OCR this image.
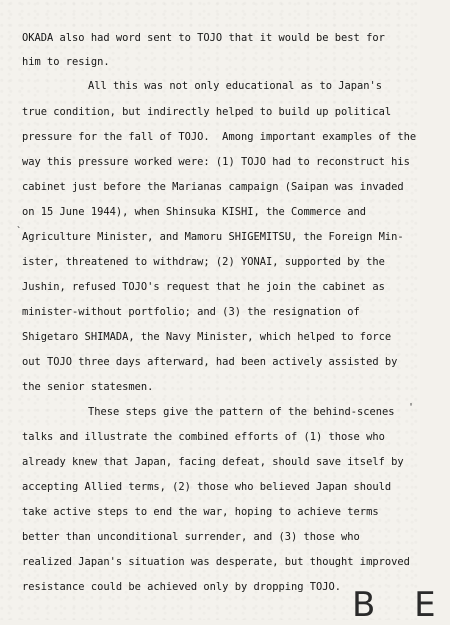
OKADA also had word sent to TOJO that it would be best for
him to resign.
All this was not only educational as to Japan's
true condition, but indirectly helped to build up political
pressure for the fall of TOJO.  Among important examples of the
way this pressure worked were: (1) TOJO had to reconstruct his
cabinet just before the Marianas campaign (Saipan was invaded
on 15 June 1944), when Shinsuka KISHI, the Commerce and
Agriculture Minister, and Mamoru SHIGEMITSU, the Foreign Min-
ister, threatened to withdraw; (2) YONAI, supported by the
Jushin, refused TOJO's request that he join the cabinet as
minister-without portfolio; and (3) the resignation of
Shigetaro SHIMADA, the Navy Minister, which helped to force
out TOJO three days afterward, had been actively assisted by
the senior statesmen.
These steps give the pattern of the behind-scenes
talks and illustrate the combined efforts of (1) those who
already knew that Japan, facing defeat, should save itself by
accepting Allied terms, (2) those who believed Japan should
take active steps to end the war, hoping to achieve terms
better than unconditional surrender, and (3) those who
realized Japan's situation was desperate, but thought improved
resistance could be achieved only by dropping TOJO.
`
'
B E
